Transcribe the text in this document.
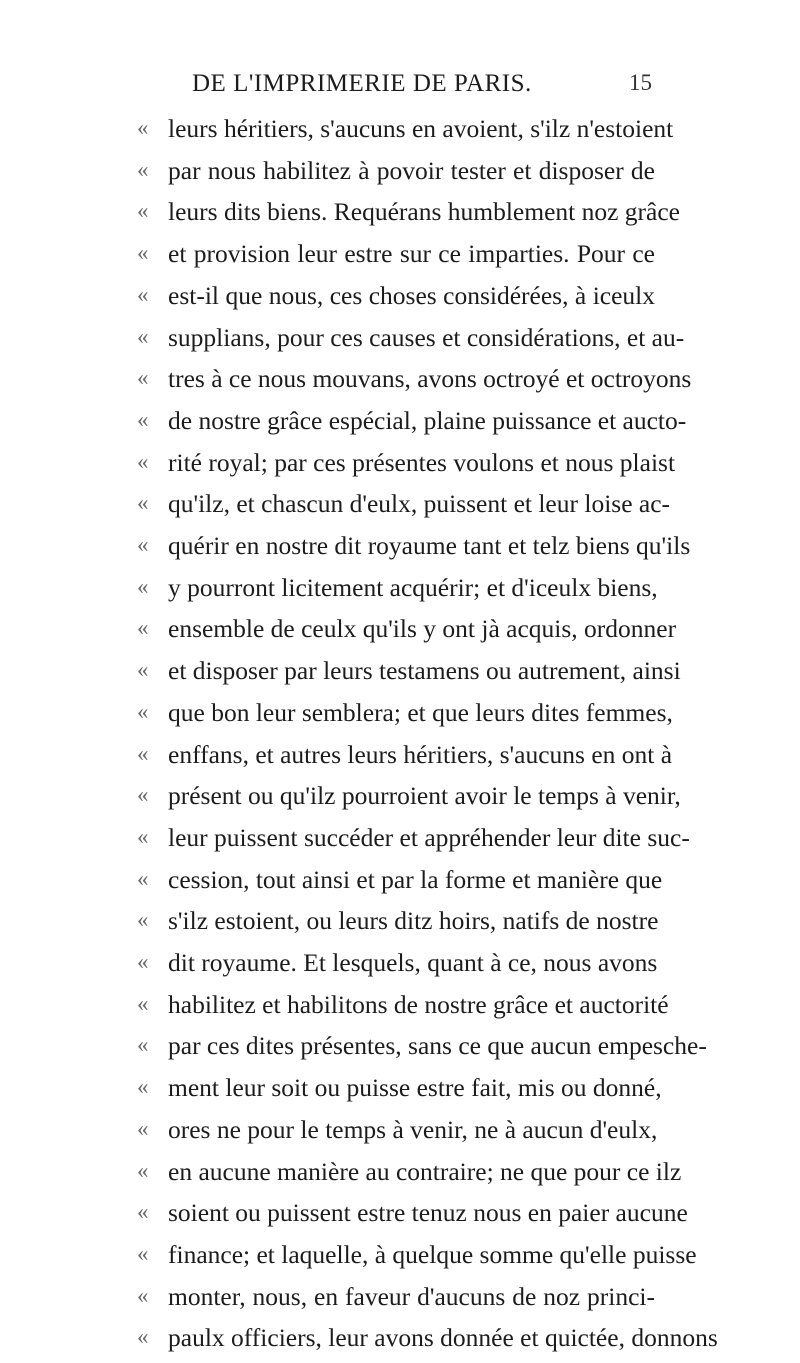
DE L'IMPRIMERIE DE PARIS.	15
« leurs héritiers, s'aucuns en avoient, s'ilz n'estoient
« par nous habilitez à povoir tester et disposer de
« leurs dits biens. Requérans humblement noz grâce
« et provision leur estre sur ce imparties. Pour ce
« est-il que nous, ces choses considérées, à iceulx
« supplians, pour ces causes et considérations, et au-
« tres à ce nous mouvans, avons octroyé et octroyons
« de nostre grâce espécial, plaine puissance et aucto-
« rité royal; par ces présentes voulons et nous plaist
« qu'ilz, et chascun d'eulx, puissent et leur loise ac-
« quérir en nostre dit royaume tant et telz biens qu'ils
« y pourront licitement acquérir; et d'iceulx biens,
« ensemble de ceulx qu'ils y ont jà acquis, ordonner
« et disposer par leurs testamens ou autrement, ainsi
« que bon leur semblera; et que leurs dites femmes,
« enffans, et autres leurs héritiers, s'aucuns en ont à
« présent ou qu'ilz pourroient avoir le temps à venir,
« leur puissent succéder et appréhender leur dite suc-
« cession, tout ainsi et par la forme et manière que
« s'ilz estoient, ou leurs ditz hoirs, natifs de nostre
« dit royaume. Et lesquels, quant à ce, nous avons
« habilitez et habilitons de nostre grâce et auctorité
« par ces dites présentes, sans ce que aucun empesche-
« ment leur soit ou puisse estre fait, mis ou donné,
« ores ne pour le temps à venir, ne à aucun d'eulx,
« en aucune manière au contraire; ne que pour ce ilz
« soient ou puissent estre tenuz nous en paier aucune
« finance; et laquelle, à quelque somme qu'elle puisse
« monter, nous, en faveur d'aucuns de noz princi-
« paulx officiers, leur avons donnée et quictée, donnons
